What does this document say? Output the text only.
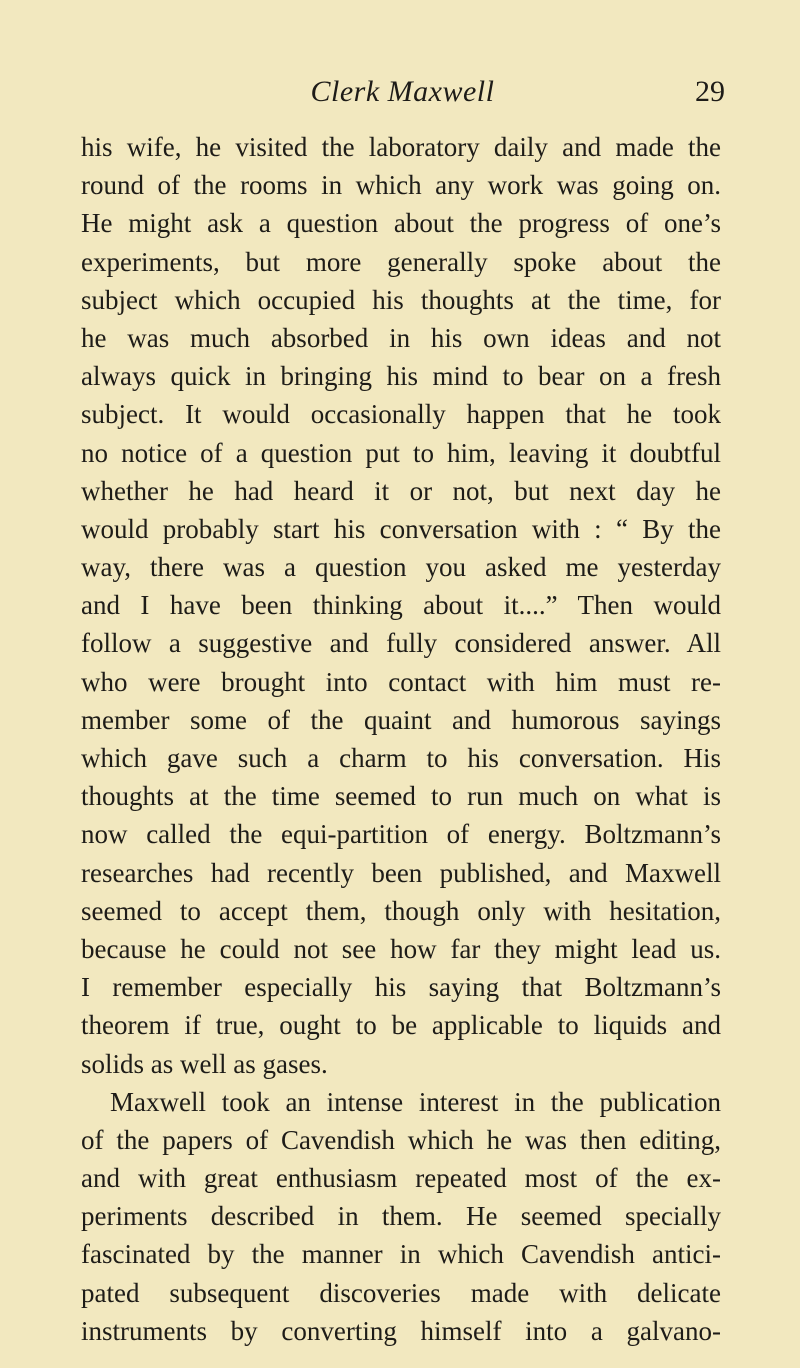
Clerk Maxwell	29
his wife, he visited the laboratory daily and made the
round of the rooms in which any work was going on.
He might ask a question about the progress of one’s
experiments, but more generally spoke about the
subject which occupied his thoughts at the time, for
he was much absorbed in his own ideas and not
always quick in bringing his mind to bear on a fresh
subject. It would occasionally happen that he took
no notice of a question put to him, leaving it doubtful
whether he had heard it or not, but next day he
would probably start his conversation with : “ By the
way, there was a question you asked me yesterday
and I have been thinking about it....” Then would
follow a suggestive and fully considered answer. All
who were brought into contact with him must re-
member some of the quaint and humorous sayings
which gave such a charm to his conversation. His
thoughts at the time seemed to run much on what is
now called the equi-partition of energy. Boltzmann’s
researches had recently been published, and Maxwell
seemed to accept them, though only with hesitation,
because he could not see how far they might lead us.
I remember especially his saying that Boltzmann’s
theorem if true, ought to be applicable to liquids and
solids as well as gases.
Maxwell took an intense interest in the publication
of the papers of Cavendish which he was then editing,
and with great enthusiasm repeated most of the ex-
periments described in them. He seemed specially
fascinated by the manner in which Cavendish antici-
pated subsequent discoveries made with delicate
instruments by converting himself into a galvano-
